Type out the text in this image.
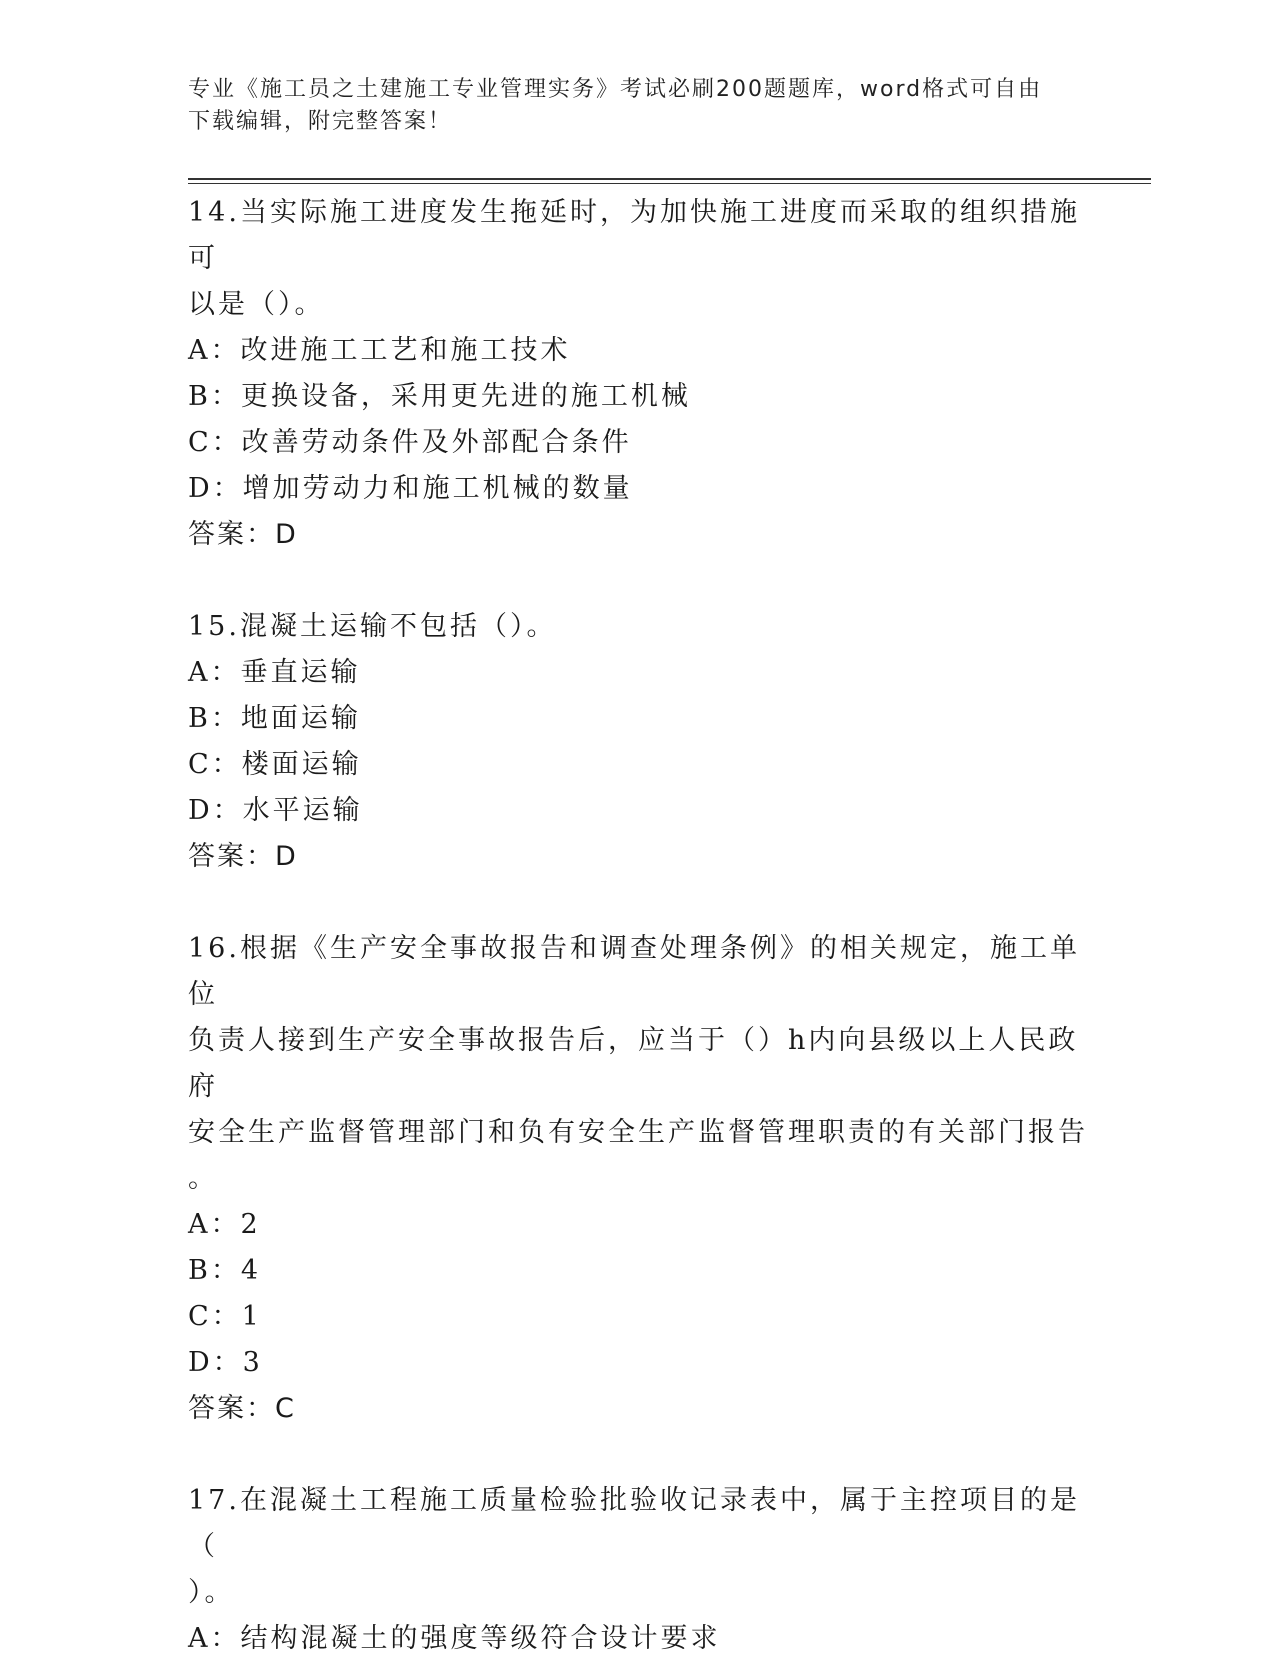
专业《施工员之土建施工专业管理实务》考试必刷200题题库，word格式可自由
下载编辑，附完整答案！
14.当实际施工进度发生拖延时，为加快施工进度而采取的组织措施可
以是（）。
A：改进施工工艺和施工技术
B：更换设备，采用更先进的施工机械
C：改善劳动条件及外部配合条件
D：增加劳动力和施工机械的数量
答案：D
15.混凝土运输不包括（）。
A：垂直运输
B：地面运输
C：楼面运输
D：水平运输
答案：D
16.根据《生产安全事故报告和调查处理条例》的相关规定，施工单位
负责人接到生产安全事故报告后，应当于（）h内向县级以上人民政府
安全生产监督管理部门和负有安全生产监督管理职责的有关部门报告
。
A：2
B：4
C：1
D：3
答案：C
17.在混凝土工程施工质量检验批验收记录表中，属于主控项目的是（
）。
A：结构混凝土的强度等级符合设计要求
